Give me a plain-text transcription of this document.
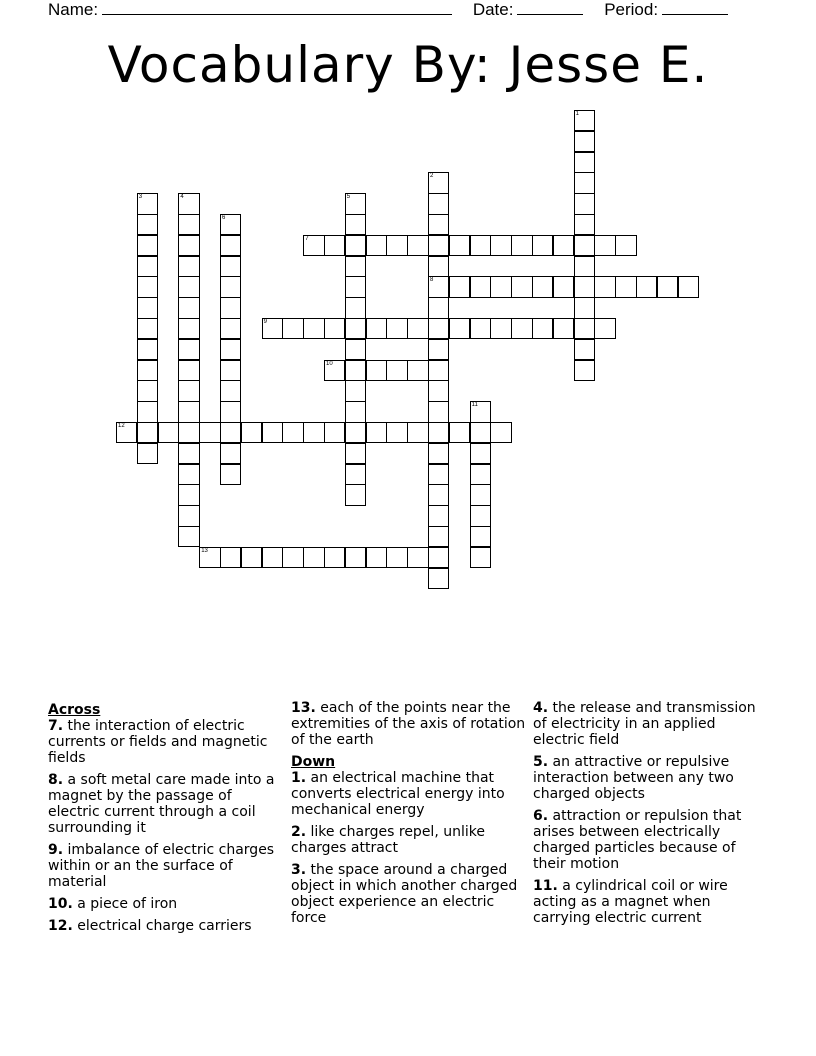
Name:	Date:	Period:
Vocabulary By: Jesse E.
1
2
8
3	4	5
6
7
9
10
11
12
13
Across
7. the interaction of electric currents or fields and magnetic fields
8. a soft metal care made into a magnet by the passage of electric current through a coil surrounding it
9. imbalance of electric charges within or an the surface of material
10. a piece of iron
12. electrical charge carriers
13. each of the points near the extremities of the axis of rotation of the earth
Down
1. an electrical machine that converts electrical energy into mechanical energy
2. like charges repel, unlike charges attract
3. the space around a charged object in which another charged object experience an electric force
4. the release and transmission of electricity in an applied electric field
5. an attractive or repulsive interaction between any two charged objects
6. attraction or repulsion that arises between electrically charged particles because of their motion
11. a cylindrical coil or wire acting as a magnet when carrying electric current
